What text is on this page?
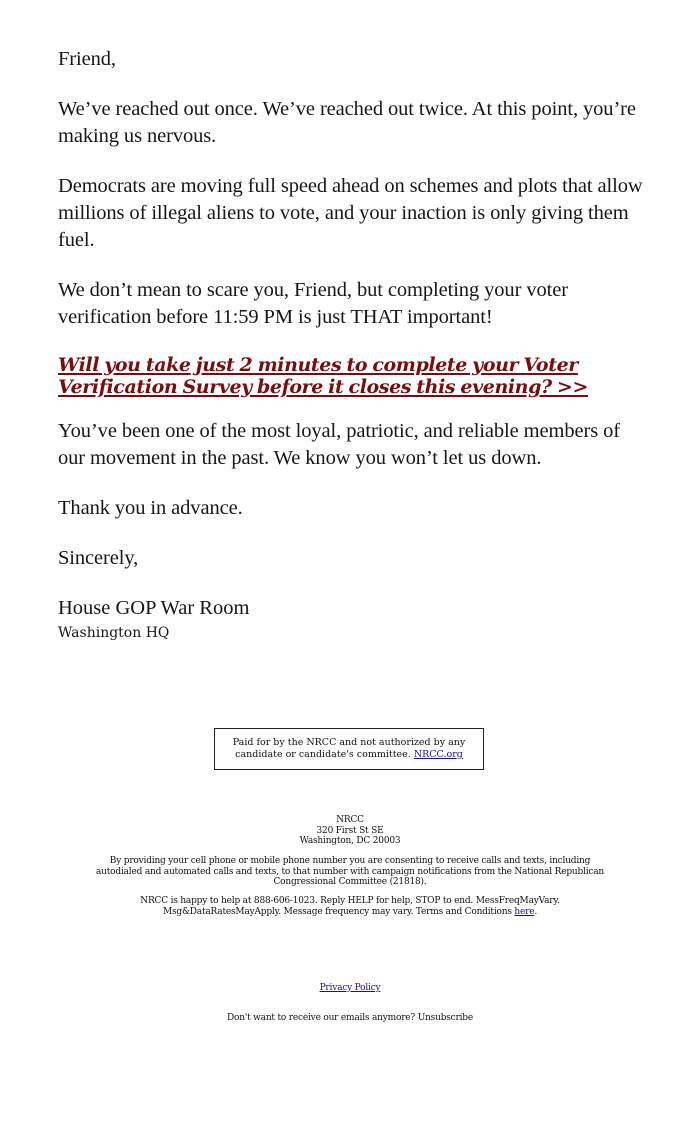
Friend,

We’ve reached out once. We’ve reached out twice. At this point, you’re making us nervous.

Democrats are moving full speed ahead on schemes and plots that allow millions of illegal aliens to vote, and your inaction is only giving them fuel.

We don’t mean to scare you, Friend, but completing your voter verification before 11:59 PM is just THAT important!

Will you take just 2 minutes to complete your Voter Verification Survey before it closes this evening? >>

You’ve been one of the most loyal, patriotic, and reliable members of our movement in the past. We know you won’t let us down.

Thank you in advance.

Sincerely,

House GOP War Room

Washington HQ

Paid for by the NRCC and not authorized by any candidate or candidate's committee. NRCC.org

NRCC

320 First St SE

Washington, DC 20003

By providing your cell phone or mobile phone number you are consenting to receive calls and texts, including autodialed and automated calls and texts, to that number with campaign notifications from the National Republican Congressional Committee (21818).

NRCC is happy to help at 888-606-1023. Reply HELP for help, STOP to end. MessFreqMayVary. Msg&DataRatesMayApply. Message frequency may vary. Terms and Conditions here.

Privacy Policy
Don't want to receive our emails anymore? Unsubscribe
